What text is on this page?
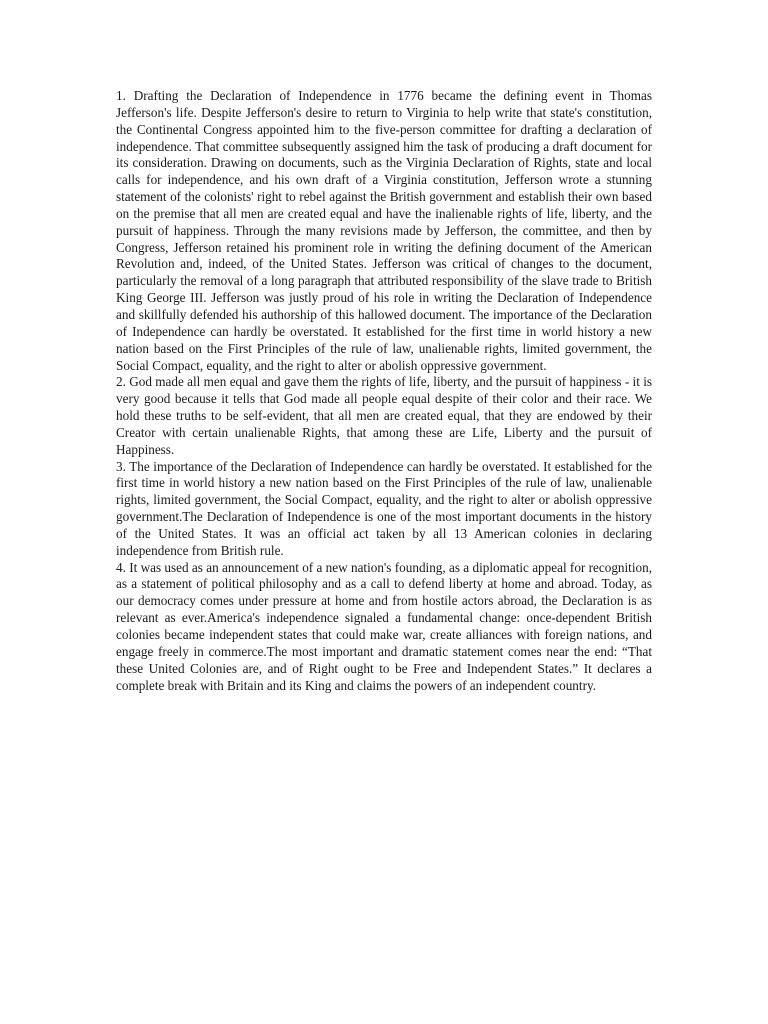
1. Drafting the Declaration of Independence in 1776 became the defining event in Thomas Jefferson's life. Despite Jefferson's desire to return to Virginia to help write that state's constitution, the Continental Congress appointed him to the five-person committee for drafting a declaration of independence. That committee subsequently assigned him the task of producing a draft document for its consideration. Drawing on documents, such as the Virginia Declaration of Rights, state and local calls for independence, and his own draft of a Virginia constitution, Jefferson wrote a stunning statement of the colonists' right to rebel against the British government and establish their own based on the premise that all men are created equal and have the inalienable rights of life, liberty, and the pursuit of happiness. Through the many revisions made by Jefferson, the committee, and then by Congress, Jefferson retained his prominent role in writing the defining document of the American Revolution and, indeed, of the United States. Jefferson was critical of changes to the document, particularly the removal of a long paragraph that attributed responsibility of the slave trade to British King George III. Jefferson was justly proud of his role in writing the Declaration of Independence and skillfully defended his authorship of this hallowed document. The importance of the Declaration of Independence can hardly be overstated. It established for the first time in world history a new nation based on the First Principles of the rule of law, unalienable rights, limited government, the Social Compact, equality, and the right to alter or abolish oppressive government.

2. God made all men equal and gave them the rights of life, liberty, and the pursuit of happiness - it is very good because it tells that God made all people equal despite of their color and their race. We hold these truths to be self-evident, that all men are created equal, that they are endowed by their Creator with certain unalienable Rights, that among these are Life, Liberty and the pursuit of Happiness.

3. The importance of the Declaration of Independence can hardly be overstated. It established for the first time in world history a new nation based on the First Principles of the rule of law, unalienable rights, limited government, the Social Compact, equality, and the right to alter or abolish oppressive government.The Declaration of Independence is one of the most important documents in the history of the United States. It was an official act taken by all 13 American colonies in declaring independence from British rule.

4. It was used as an announcement of a new nation's founding, as a diplomatic appeal for recognition, as a statement of political philosophy and as a call to defend liberty at home and abroad. Today, as our democracy comes under pressure at home and from hostile actors abroad, the Declaration is as relevant as ever.America's independence signaled a fundamental change: once-dependent British colonies became independent states that could make war, create alliances with foreign nations, and engage freely in commerce.The most important and dramatic statement comes near the end: “That these United Colonies are, and of Right ought to be Free and Independent States.” It declares a complete break with Britain and its King and claims the powers of an independent country.
